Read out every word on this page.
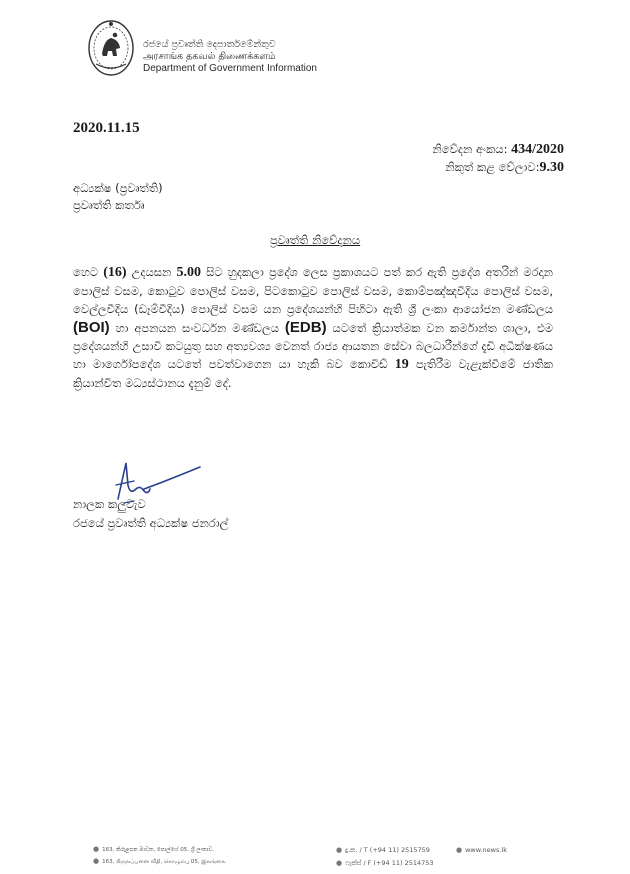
රජයේ ප්‍රවෘත්ති දෙපාර්තමේන්තුව
அரசாங்க தகவல் திணைக்களம்
Department of Government Information
2020.11.15
නිවේදන අංකය: 434/2020
නිකුත් කළ වේලාව:9.30
අධ්‍යක්ෂ (ප්‍රවෘත්ති)
ප්‍රවෘත්ති කර්තෘ
ප්‍රවෘත්ති නිවේදනය
හෙට (16) උදයසන 5.00 සිට හුදකලා ප්‍රදේශ ලෙස ප්‍රකාශයට පත් කර ඇති ප්‍රදේශ අතරින් මරදාන පොලිස් වසම, කොටුව පොලිස් වසම, පිටකොටුව පොලිස් වසම, කොම්පඤ්ඤවීදිය පොලිස් වසම, වෙල්ලවීදිය (ඩෑම්වීදිය) පොලිස් වසම යන ප්‍රදේශයන්හි පිහිටා ඇති ශ්‍රී ලංකා ආයෝජන මණ්ඩලය (BOI) හා අපනයන සංවර්ධන මණ්ඩලය (EDB) යටතේ ක්‍රියාත්මක වන කර්මාන්ත ශාලා, එම ප්‍රදේශයන්හි උසාවි කටයුතු සහ අත්‍යවශ්‍ය වෙනත් රාජ්‍ය ආයතන සේවා බලධාරීන්ගේ දැඩි අධීක්ෂණය හා මාර්ගෝපදේශ යටතේ පවත්වාගෙන යා හැකි බව කොවිඩ් 19 පැතිරීම වැළැක්වීමේ ජාතික ක්‍රියාන්විත මධ්‍යස්ථානය දැනුම් දේ.
නාලක කලුවැව
රජයේ ප්‍රවෘත්ති අධ්‍යක්ෂ ජනරාල්
● 163, කිරුළපන මාවත, පොල්හේ 05, ශ්‍රී ලංකාව.
● 163, கிருலப்பனை வீதி, கொழும்பு 05, இலங்கை.
● දු.ක. / T (+94 11) 2515759
● ෆැක්ස් / F (+94 11) 2514753
● www.news.lk
